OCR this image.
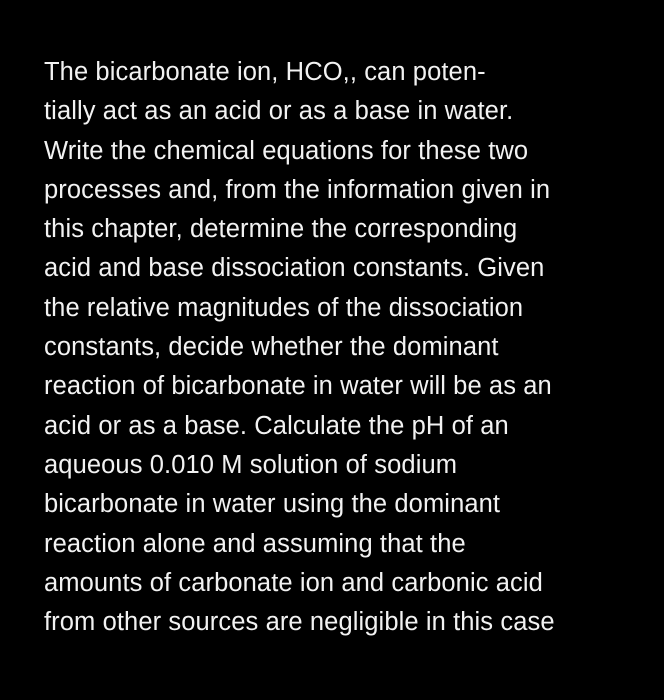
The bicarbonate ion, HCO,, can poten-
tially act as an acid or as a base in water.
Write the chemical equations for these two
processes and, from the information given in
this chapter, determine the corresponding
acid and base dissociation constants. Given
the relative magnitudes of the dissociation
constants, decide whether the dominant
reaction of bicarbonate in water will be as an
acid or as a base. Calculate the pH of an
aqueous 0.010 M solution of sodium
bicarbonate in water using the dominant
reaction alone and assuming that the
amounts of carbonate ion and carbonic acid
from other sources are negligible in this case
